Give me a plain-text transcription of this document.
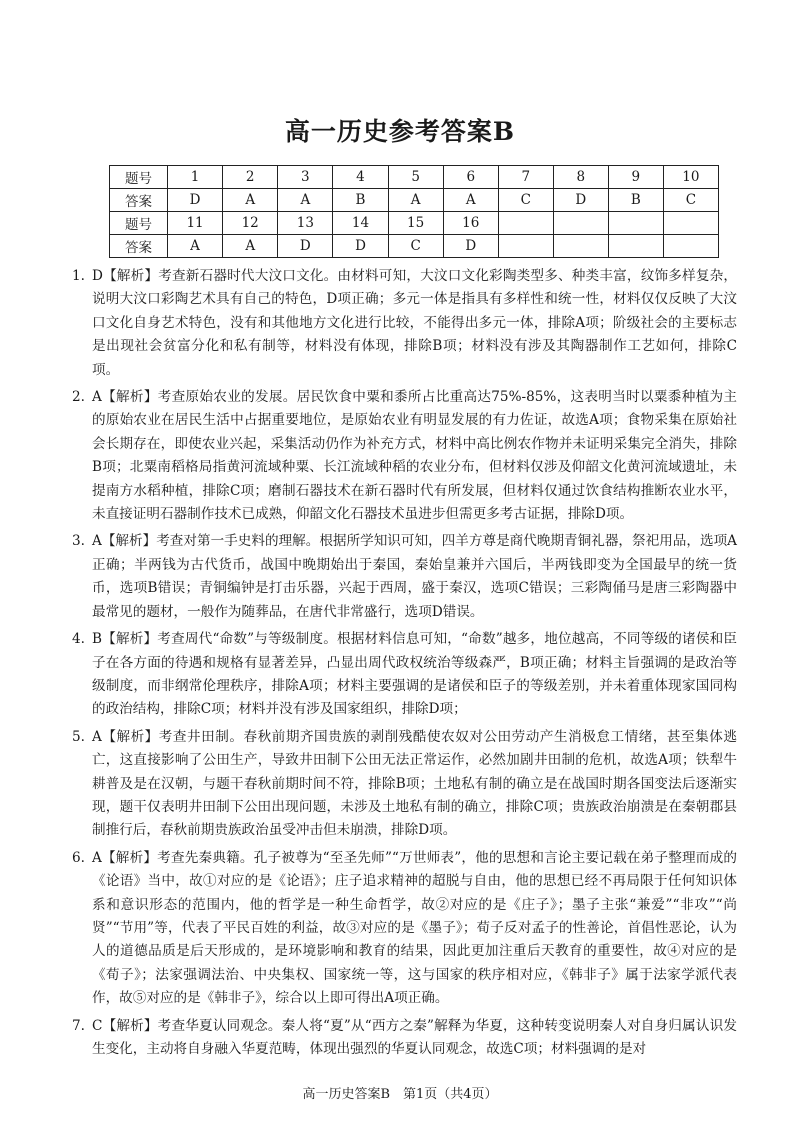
高一历史参考答案B
题号	1	2	3	4	5	6	7	8	9	10
答案	D	A	A	B	A	A	C	D	B	C
题号	11	12	13	14	15	16				
答案	A	A	D	D	C	D				
1. D【解析】考查新石器时代大汶口文化。由材料可知，大汶口文化彩陶类型多、种类丰富，纹饰多样复杂，说明大汶口彩陶艺术具有自己的特色，D项正确；多元一体是指具有多样性和统一性，材料仅仅反映了大汶口文化自身艺术特色，没有和其他地方文化进行比较，不能得出多元一体，排除A项；阶级社会的主要标志是出现社会贫富分化和私有制等，材料没有体现，排除B项；材料没有涉及其陶器制作工艺如何，排除C项。
2. A【解析】考查原始农业的发展。居民饮食中粟和黍所占比重高达75%-85%，这表明当时以粟黍种植为主的原始农业在居民生活中占据重要地位，是原始农业有明显发展的有力佐证，故选A项；食物采集在原始社会长期存在，即使农业兴起，采集活动仍作为补充方式，材料中高比例农作物并未证明采集完全消失，排除B项；北粟南稻格局指黄河流域种粟、长江流域种稻的农业分布，但材料仅涉及仰韶文化黄河流域遗址，未提南方水稻种植，排除C项；磨制石器技术在新石器时代有所发展，但材料仅通过饮食结构推断农业水平，未直接证明石器制作技术已成熟，仰韶文化石器技术虽进步但需更多考古证据，排除D项。
3. A【解析】考查对第一手史料的理解。根据所学知识可知，四羊方尊是商代晚期青铜礼器，祭祀用品，选项A正确；半两钱为古代货币，战国中晚期始出于秦国，秦始皇兼并六国后，半两钱即变为全国最早的统一货币，选项B错误；青铜编钟是打击乐器，兴起于西周，盛于秦汉，选项C错误；三彩陶俑马是唐三彩陶器中最常见的题材，一般作为随葬品，在唐代非常盛行，选项D错误。
4. B【解析】考查周代“命数”与等级制度。根据材料信息可知，“命数”越多，地位越高，不同等级的诸侯和臣子在各方面的待遇和规格有显著差异，凸显出周代政权统治等级森严，B项正确；材料主旨强调的是政治等级制度，而非纲常伦理秩序，排除A项；材料主要强调的是诸侯和臣子的等级差别，并未着重体现家国同构的政治结构，排除C项；材料并没有涉及国家组织，排除D项；
5. A【解析】考查井田制。春秋前期齐国贵族的剥削残酷使农奴对公田劳动产生消极怠工情绪，甚至集体逃亡，这直接影响了公田生产，导致井田制下公田无法正常运作，必然加剧井田制的危机，故选A项；铁犁牛耕普及是在汉朝，与题干春秋前期时间不符，排除B项；土地私有制的确立是在战国时期各国变法后逐渐实现，题干仅表明井田制下公田出现问题，未涉及土地私有制的确立，排除C项；贵族政治崩溃是在秦朝郡县制推行后，春秋前期贵族政治虽受冲击但未崩溃，排除D项。
6. A【解析】考查先秦典籍。孔子被尊为“至圣先师”“万世师表”，他的思想和言论主要记载在弟子整理而成的《论语》当中，故①对应的是《论语》；庄子追求精神的超脱与自由，他的思想已经不再局限于任何知识体系和意识形态的范围内，他的哲学是一种生命哲学，故②对应的是《庄子》；墨子主张“兼爱”“非攻”“尚贤”“节用”等，代表了平民百姓的利益，故③对应的是《墨子》；荀子反对孟子的性善论，首倡性恶论，认为人的道德品质是后天形成的，是环境影响和教育的结果，因此更加注重后天教育的重要性，故④对应的是《荀子》；法家强调法治、中央集权、国家统一等，这与国家的秩序相对应，《韩非子》属于法家学派代表作，故⑤对应的是《韩非子》，综合以上即可得出A项正确。
7. C【解析】考查华夏认同观念。秦人将“夏”从“西方之秦”解释为华夏，这种转变说明秦人对自身归属认识发生变化，主动将自身融入华夏范畴，体现出强烈的华夏认同观念，故选C项；材料强调的是对
高一历史答案B　第1页（共4页）
